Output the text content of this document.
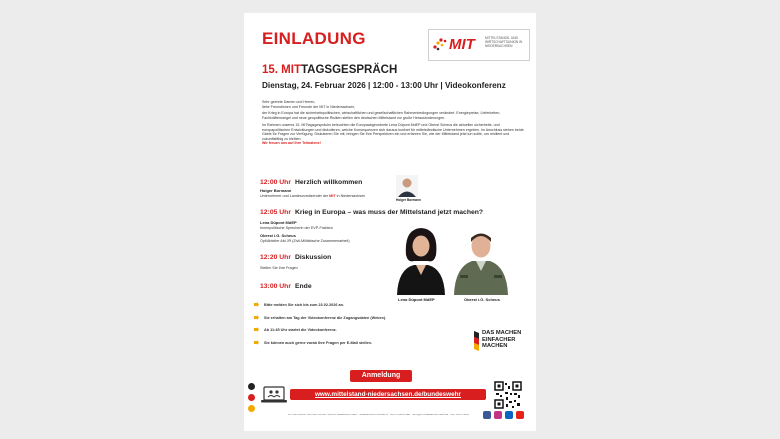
EINLADUNG	MIT	MITTELSTANDS- UND WIRTSCHAFTSUNION IN NIEDERSACHSEN
15. MITTAGSGESPRÄCH
Dienstag, 24. Februar 2026 | 12:00 - 13:00 Uhr | Videokonferenz

Sehr geehrte Damen und Herren,
liebe Freundinnen und Freunde der MIT in Niedersachsen,

der Krieg in Europa hat die sicherheitspolitischen, wirtschaftlichen und gesellschaftlichen Rahmenbedingungen verändert. Energiepreise, Lieferketten, Fachkräftemangel und neue geopolitische Risiken stellen den deutschen Mittelstand vor große Herausforderungen.

Im Rahmen unseres 15. MITtagsgesprächs beleuchten die Europaabgeordnete Lena Düpont MdEP und Oberst Scheus die aktuellen sicherheits- und europapolitischen Entwicklungen und diskutieren, welche Konsequenzen sich daraus konkret für mittelständische Unternehmen ergeben. Im Anschluss stehen beide Gäste für Fragen zur Verfügung. Diskutieren Sie mit, bringen Sie Ihre Perspektiven ein und erfahren Sie, wie der Mittelstand jetzt tun sollte, um resilient und zukunftsfähig zu bleiben.
Wir freuen uns auf Ihre Teilnahme!

12:00 Uhr Herzlich willkommen
Holger Bormann
Unternehmer und Landesvorsitzender der MIT in Niedersachsen
Holger Bormann
12:05 Uhr Krieg in Europa – was muss der Mittelstand jetzt machen?
Lena Düpont MdEP
Innenpolitische Sprecherin der EVP-Fraktion
Oberst i.G. Scheus
Opf/Abteiler Akt JR (Zivil-Militärische Zusammenarbeit)
12:20 Uhr Diskussion
Stellen Sie Ihre Fragen
13:00 Uhr Ende
Lena Düpont MdEP	Oberst i.G. Scheus
Bitte melden Sie sich bis zum 23.02.2026 an.
Sie erhalten am Tag der Videokonferenz die Zugangsdaten (Webex).
Ab 11:45 Uhr startet die Videokonferenz.
Sie können auch gerne vorab Ihre Fragen per E-Mail stellen.
DAS MACHEN
EINFACHER
MACHEN
Anmeldung
www.mittelstand-niedersachsen.de/bundeswehr
MITTELSTANDS- UND WIRTSCHAFTSUNION NIEDERSACHSEN · HINDENBURGSTRASSE 30 · 30175 HANNOVER · INFO@MIT-NIEDERSACHSEN.DE · TEL. 0511 279910
